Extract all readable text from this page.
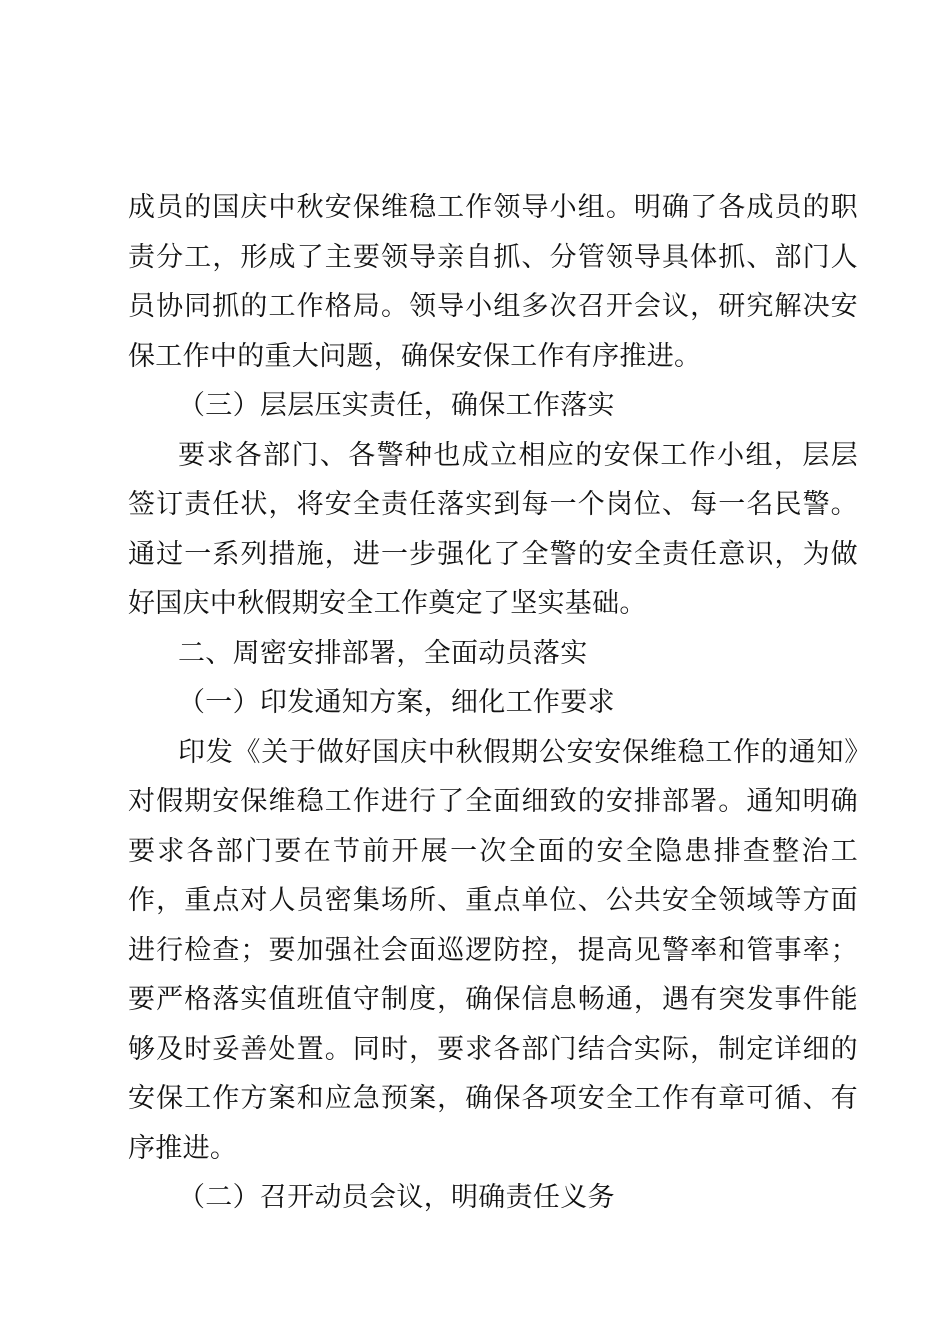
成员的国庆中秋安保维稳工作领导小组。明确了各成员的职责分工，形成了主要领导亲自抓、分管领导具体抓、部门人员协同抓的工作格局。领导小组多次召开会议，研究解决安保工作中的重大问题，确保安保工作有序推进。

（三）层层压实责任，确保工作落实

要求各部门、各警种也成立相应的安保工作小组，层层签订责任状，将安全责任落实到每一个岗位、每一名民警。通过一系列措施，进一步强化了全警的安全责任意识，为做好国庆中秋假期安全工作奠定了坚实基础。

二、周密安排部署，全面动员落实

（一）印发通知方案，细化工作要求

印发《关于做好国庆中秋假期公安安保维稳工作的通知》对假期安保维稳工作进行了全面细致的安排部署。通知明确要求各部门要在节前开展一次全面的安全隐患排查整治工作，重点对人员密集场所、重点单位、公共安全领域等方面进行检查；要加强社会面巡逻防控，提高见警率和管事率；要严格落实值班值守制度，确保信息畅通，遇有突发事件能够及时妥善处置。同时，要求各部门结合实际，制定详细的安保工作方案和应急预案，确保各项安全工作有章可循、有序推进。

（二）召开动员会议，明确责任义务
